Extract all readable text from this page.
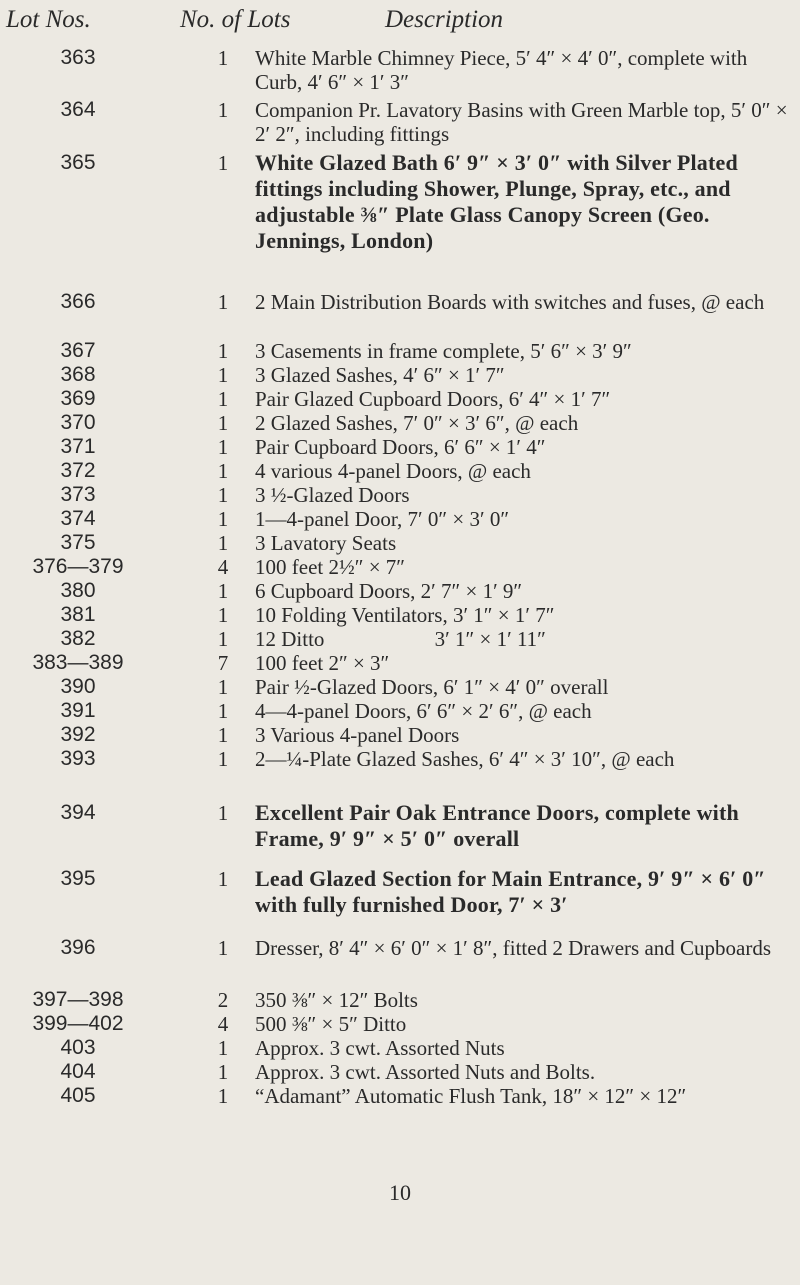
Lot Nos.	No. of Lots	Description
363	1	White Marble Chimney Piece, 5′ 4″ × 4′ 0″, complete with Curb, 4′ 6″ × 1′ 3″
364	1	Companion Pr. Lavatory Basins with Green Marble top, 5′ 0″ × 2′ 2″, including fittings
365	1	White Glazed Bath 6′ 9″ × 3′ 0″ with Silver Plated fittings including Shower, Plunge, Spray, etc., and adjustable ⅜″ Plate Glass Canopy Screen (Geo. Jennings, London)
366	1	2 Main Distribution Boards with switches and fuses, @ each
367	1	3 Casements in frame complete, 5′ 6″ × 3′ 9″
368	1	3 Glazed Sashes, 4′ 6″ × 1′ 7″
369	1	Pair Glazed Cupboard Doors, 6′ 4″ × 1′ 7″
370	1	2 Glazed Sashes, 7′ 0″ × 3′ 6″, @ each
371	1	Pair Cupboard Doors, 6′ 6″ × 1′ 4″
372	1	4 various 4-panel Doors, @ each
373	1	3 ½-Glazed Doors
374	1	1—4-panel Door, 7′ 0″ × 3′ 0″
375	1	3 Lavatory Seats
376—379	4	100 feet 2½″ × 7″
380	1	6 Cupboard Doors, 2′ 7″ × 1′ 9″
381	1	10 Folding Ventilators, 3′ 1″ × 1′ 7″
382	1	12 Ditto                     3′ 1″ × 1′ 11″
383—389	7	100 feet 2″ × 3″
390	1	Pair ½-Glazed Doors, 6′ 1″ × 4′ 0″ overall
391	1	4—4-panel Doors, 6′ 6″ × 2′ 6″, @ each
392	1	3 Various 4-panel Doors
393	1	2—¼-Plate Glazed Sashes, 6′ 4″ × 3′ 10″, @ each
394	1	Excellent Pair Oak Entrance Doors, complete with Frame, 9′ 9″ × 5′ 0″ overall
395	1	Lead Glazed Section for Main Entrance, 9′ 9″ × 6′ 0″ with fully furnished Door, 7′ × 3′
396	1	Dresser, 8′ 4″ × 6′ 0″ × 1′ 8″, fitted 2 Drawers and Cupboards
397—398	2	350 ⅜″ × 12″ Bolts
399—402	4	500 ⅜″ × 5″ Ditto
403	1	Approx. 3 cwt. Assorted Nuts
404	1	Approx. 3 cwt. Assorted Nuts and Bolts.
405	1	“Adamant” Automatic Flush Tank, 18″ × 12″ × 12″
10
